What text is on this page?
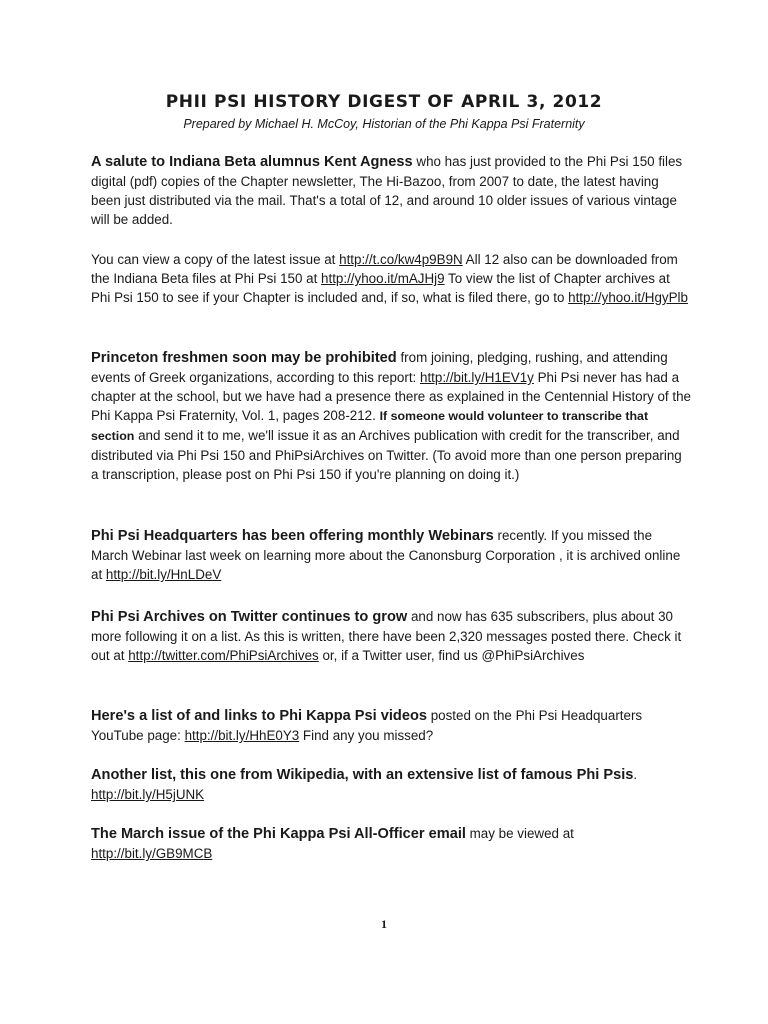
PHII PSI HISTORY DIGEST OF APRIL 3, 2012
Prepared by Michael H. McCoy, Historian of the Phi Kappa Psi Fraternity

A salute to Indiana Beta alumnus Kent Agness who has just provided to the Phi Psi 150 files digital (pdf) copies of the Chapter newsletter, The Hi-Bazoo, from 2007 to date, the latest having been just distributed via the mail. That's a total of 12, and around 10 older issues of various vintage will be added.

You can view a copy of the latest issue at http://t.co/kw4p9B9N All 12 also can be downloaded from the Indiana Beta files at Phi Psi 150 at http://yhoo.it/mAJHj9 To view the list of Chapter archives at Phi Psi 150 to see if your Chapter is included and, if so, what is filed there, go to http://yhoo.it/HgyPlb

Princeton freshmen soon may be prohibited from joining, pledging, rushing, and attending events of Greek organizations, according to this report: http://bit.ly/H1EV1y Phi Psi never has had a chapter at the school, but we have had a presence there as explained in the Centennial History of the Phi Kappa Psi Fraternity, Vol. 1, pages 208-212. If someone would volunteer to transcribe that section and send it to me, we'll issue it as an Archives publication with credit for the transcriber, and distributed via Phi Psi 150 and PhiPsiArchives on Twitter. (To avoid more than one person preparing a transcription, please post on Phi Psi 150 if you're planning on doing it.)

Phi Psi Headquarters has been offering monthly Webinars recently. If you missed the March Webinar last week on learning more about the Canonsburg Corporation , it is archived online at http://bit.ly/HnLDeV

Phi Psi Archives on Twitter continues to grow and now has 635 subscribers, plus about 30 more following it on a list. As this is written, there have been 2,320 messages posted there. Check it out at http://twitter.com/PhiPsiArchives or, if a Twitter user, find us @PhiPsiArchives

Here's a list of and links to Phi Kappa Psi videos posted on the Phi Psi Headquarters YouTube page: http://bit.ly/HhE0Y3 Find any you missed?

Another list, this one from Wikipedia, with an extensive list of famous Phi Psis.
http://bit.ly/H5jUNK

The March issue of the Phi Kappa Psi All-Officer email may be viewed at
http://bit.ly/GB9MCB

1
